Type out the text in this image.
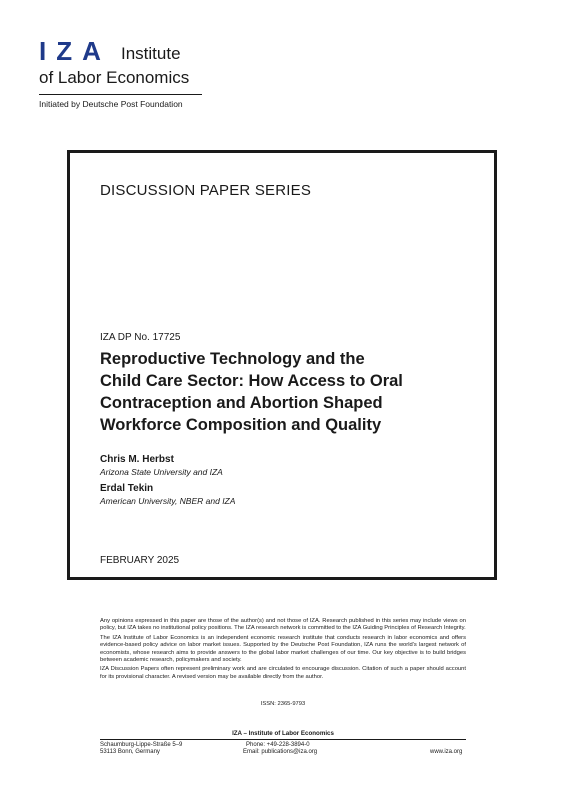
IZA Institute
of Labor Economics
Initiated by Deutsche Post Foundation
DISCUSSION PAPER SERIES
IZA DP No. 17725
Reproductive Technology and the
Child Care Sector: How Access to Oral
Contraception and Abortion Shaped
Workforce Composition and Quality
Chris M. Herbst
Arizona State University and IZA
Erdal Tekin
American University, NBER and IZA
FEBRUARY 2025

Any opinions expressed in this paper are those of the author(s) and not those of IZA. Research published in this series may include views on policy, but IZA takes no institutional policy positions. The IZA research network is committed to the IZA Guiding Principles of Research Integrity.

The IZA Institute of Labor Economics is an independent economic research institute that conducts research in labor economics and offers evidence-based policy advice on labor market issues. Supported by the Deutsche Post Foundation, IZA runs the world’s largest network of economists, whose research aims to provide answers to the global labor market challenges of our time. Our key objective is to build bridges between academic research, policymakers and society.

IZA Discussion Papers often represent preliminary work and are circulated to encourage discussion. Citation of such a paper should account for its provisional character. A revised version may be available directly from the author.

ISSN: 2365-9793
IZA – Institute of Labor Economics
Schaumburg-Lippe-Straße 5–9
53113 Bonn, Germany
Phone: +49-228-3894-0
Email: publications@iza.org	www.iza.org
